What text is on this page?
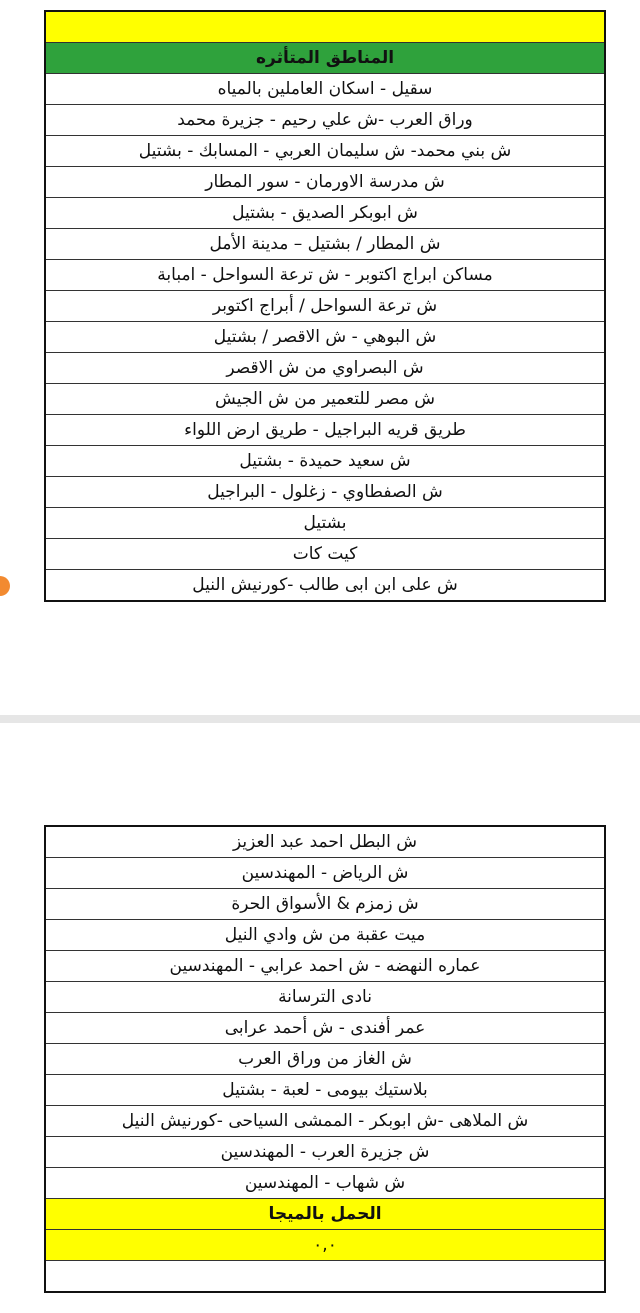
المناطق المتأثره
سقيل - اسكان العاملين بالمياه
وراق العرب -ش علي رحيم - جزيرة محمد
ش بني محمد- ش سليمان العربي - المسابك - بشتيل
ش مدرسة الاورمان - سور المطار
ش ابوبكر الصديق - بشتيل
ش المطار / بشتيل – مدينة الأمل
مساكن ابراج اكتوبر - ش ترعة السواحل - امبابة
ش ترعة السواحل / أبراج اكتوبر
ش البوهي - ش الاقصر / بشتيل
ش البصراوي من ش الاقصر
ش مصر للتعمير من ش الجيش
طريق قريه البراجيل - طريق ارض اللواء
ش سعيد حميدة - بشتيل
ش الصفطاوي - زغلول - البراجيل
بشتيل
كيت كات
ش على ابن ابى طالب -كورنيش النيل
ش البطل احمد عبد العزيز
ش الرياض - المهندسين
ش زمزم & الأسواق الحرة
ميت عقبة من ش وادي النيل
عماره النهضه - ش احمد عرابي - المهندسين
نادى الترسانة
عمر أفندى - ش أحمد عرابى
ش الغاز من وراق العرب
بلاستيك بيومى - لعبة - بشتيل
ش الملاهى -ش ابوبكر - الممشى السياحى -كورنيش النيل
ش جزيرة العرب - المهندسين
ش شهاب - المهندسين
الحمل بالميجا
٠,٠
